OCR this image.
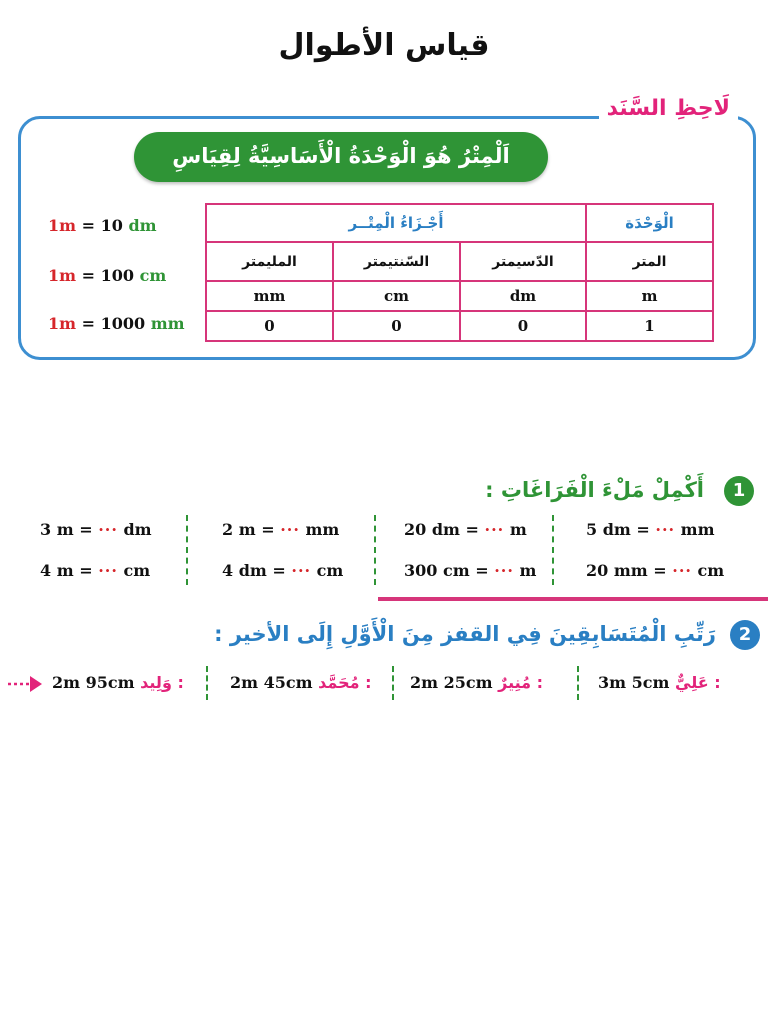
قياس الأطوال
لَاحِظِ السَّنَد
اَلْمِتْرُ هُوَ الْوَحْدَةُ الْأَسَاسِيَّةُ لِقِيَاسِ الْأَطْوَال
1m = 10 dm
1m = 100 cm
1m = 1000 mm
أَجْـزَاءُ الْمِتْــر			الْوَحْدَة
المليمتر	السّنتيمتر	الدّسيمتر	المتر
mm	cm	dm	m
0	0	0	1
1
أَكْمِلْ مَلْءَ الْفَرَاغَاتِ :
3 m = ··· dm	2 m = ··· mm	20 dm = ··· m	5 dm = ··· mm
4 m = ··· cm	4 dm = ··· cm	300 cm = ··· m	20 mm = ··· cm
2
رَتِّبِ الْمُتَسَابِقِينَ فِي القفز مِنَ الْأَوَّلِ إِلَى الأخير :
2m 95cm وَلِيد :	2m 45cm مُحَمَّد : 2m 25cm مُنِيرٌ :	3m 5cm عَلِيٌّ :
